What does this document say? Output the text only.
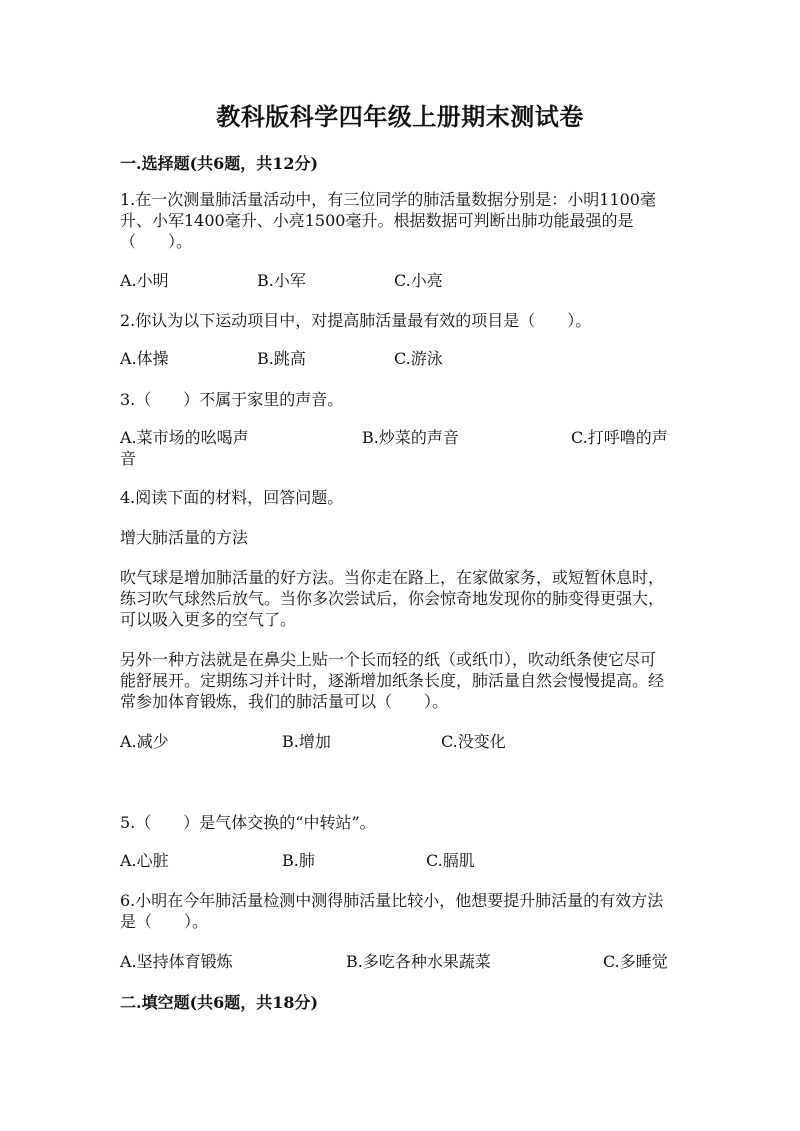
教科版科学四年级上册期末测试卷
一.选择题(共6题，共12分)
1.在一次测量肺活量活动中，有三位同学的肺活量数据分别是：小明1100毫
升、小军1400毫升、小亮1500毫升。根据数据可判断出肺功能最强的是
（　　）。
A.小明	B.小军	C.小亮
2.你认为以下运动项目中，对提高肺活量最有效的项目是（　　）。
A.体操	B.跳高	C.游泳
3.（　　）不属于家里的声音。
A.菜市场的吆喝声	B.炒菜的声音	C.打呼噜的声
音
4.阅读下面的材料，回答问题。
增大肺活量的方法
吹气球是增加肺活量的好方法。当你走在路上，在家做家务，或短暂休息时，
练习吹气球然后放气。当你多次尝试后，你会惊奇地发现你的肺变得更强大，
可以吸入更多的空气了。
另外一种方法就是在鼻尖上贴一个长而轻的纸（或纸巾），吹动纸条使它尽可
能舒展开。定期练习并计时，逐渐增加纸条长度，肺活量自然会慢慢提高。经
常参加体育锻炼，我们的肺活量可以（　　）。
A.减少	B.增加	C.没变化
5.（　　）是气体交换的“中转站”。
A.心脏	B.肺	C.膈肌
6.小明在今年肺活量检测中测得肺活量比较小，他想要提升肺活量的有效方法
是（　　）。
A.坚持体育锻炼	B.多吃各种水果蔬菜	C.多睡觉
二.填空题(共6题，共18分)
